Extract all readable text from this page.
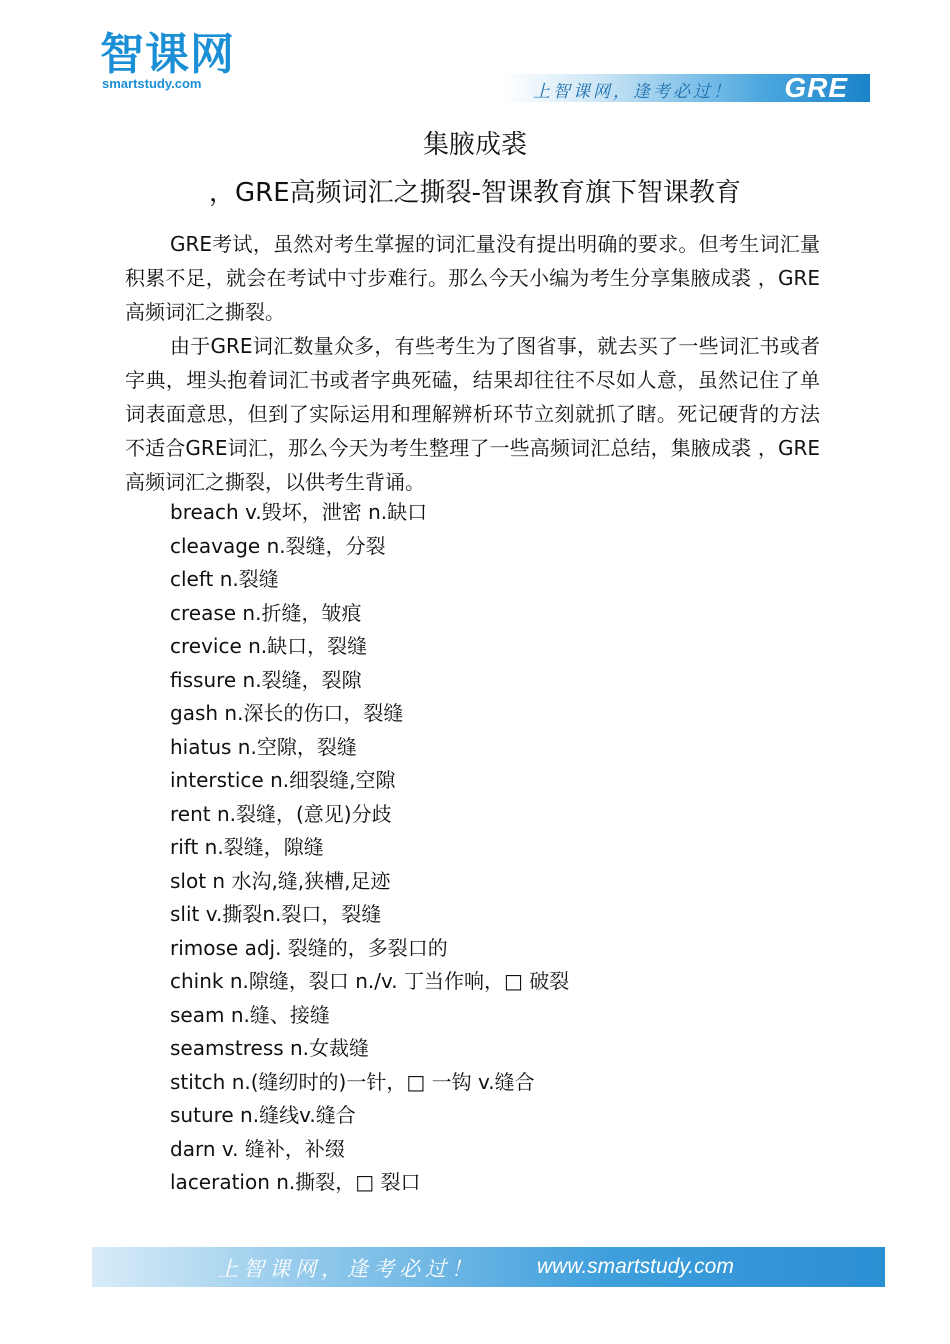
智课网
smartstudy.com	上智课网，逢考必过！ GRE
集腋成裘
，GRE高频词汇之撕裂-智课教育旗下智课教育

GRE考试，虽然对考生掌握的词汇量没有提出明确的要求。但考生词汇量积累不足，就会在考试中寸步难行。那么今天小编为考生分享集腋成裘 ，GRE高频词汇之撕裂。

由于GRE词汇数量众多，有些考生为了图省事，就去买了一些词汇书或者字典，埋头抱着词汇书或者字典死磕，结果却往往不尽如人意，虽然记住了单词表面意思，但到了实际运用和理解辨析环节立刻就抓了瞎。死记硬背的方法不适合GRE词汇，那么今天为考生整理了一些高频词汇总结，集腋成裘 ，GRE高频词汇之撕裂，以供考生背诵。

breach v.毁坏，泄密 n.缺口
cleavage n.裂缝，分裂
cleft n.裂缝
crease n.折缝，皱痕
crevice n.缺口，裂缝
fissure n.裂缝，裂隙
gash n.深长的伤口，裂缝
hiatus n.空隙，裂缝
interstice n.细裂缝,空隙
rent n.裂缝，(意见)分歧
rift n.裂缝，隙缝
slot n 水沟,缝,狭槽,足迹
slit v.撕裂n.裂口，裂缝
rimose adj. 裂缝的，多裂口的
chink n.隙缝，裂口 n./v. 丁当作响，□ 破裂
seam n.缝、接缝
seamstress n.女裁缝
stitch n.(缝纫时的)一针，□ 一钩 v.缝合
suture n.缝线v.缝合
darn v. 缝补，补缀
laceration n.撕裂，□ 裂口
上智课网，逢考必过！	www.smartstudy.com
